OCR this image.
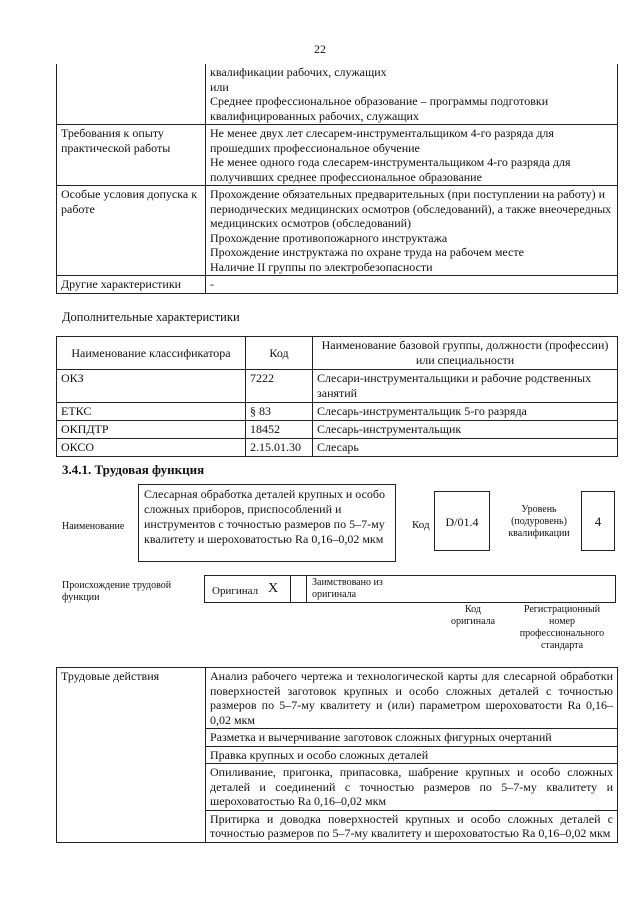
22

	квалификации рабочих, служащих
или
Среднее профессиональное образование – программы подготовки квалифицированных рабочих, служащих

Требования к опыту практической работы	Не менее двух лет слесарем-инструментальщиком 4-го разряда для прошедших профессиональное обучение
Не менее одного года слесарем-инструментальщиком 4-го разряда для получивших среднее профессиональное образование

Особые условия допуска к работе	Прохождение обязательных предварительных (при поступлении на работу) и периодических медицинских осмотров (обследований), а также внеочередных медицинских осмотров (обследований)
Прохождение противопожарного инструктажа
Прохождение инструктажа по охране труда на рабочем месте
Наличие II группы по электробезопасности

Другие характеристики	-
Дополнительные характеристики
Наименование классификатора	Код	Наименование базовой группы, должности (профессии) или специальности
ОКЗ	7222	Слесари-инструментальщики и рабочие родственных занятий
ЕТКС	§ 83	Слесарь-инструментальщик 5-го разряда
ОКПДТР	18452	Слесарь-инструментальщик
ОКСО	2.15.01.30	Слесарь
3.4.1. Трудовая функция
Наименование
Слесарная обработка деталей крупных и особо сложных приборов, приспособлений и инструментов с точностью размеров по 5–7-му квалитету и шероховатостью Ra 0,16–0,02 мкм
Код	D/01.4
Уровень (подуровень) квалификации
4
Происхождение трудовой функции
Оригинал X	Заимствовано из оригинала
Код оригинала
Регистрационный номер профессионального стандарта
Трудовые действия	Анализ рабочего чертежа и технологической карты для слесарной обработки поверхностей заготовок крупных и особо сложных деталей с точностью размеров по 5–7-му квалитету и (или) параметром шероховатости Ra 0,16–0,02 мкм
Разметка и вычерчивание заготовок сложных фигурных очертаний
Правка крупных и особо сложных деталей
Опиливание, пригонка, припасовка, шабрение крупных и особо сложных деталей и соединений с точностью размеров по 5–7-му квалитету и шероховатостью Ra 0,16–0,02 мкм
Притирка и доводка поверхностей крупных и особо сложных деталей с точностью размеров по 5–7-му квалитету и шероховатостью Ra 0,16–0,02 мкм
